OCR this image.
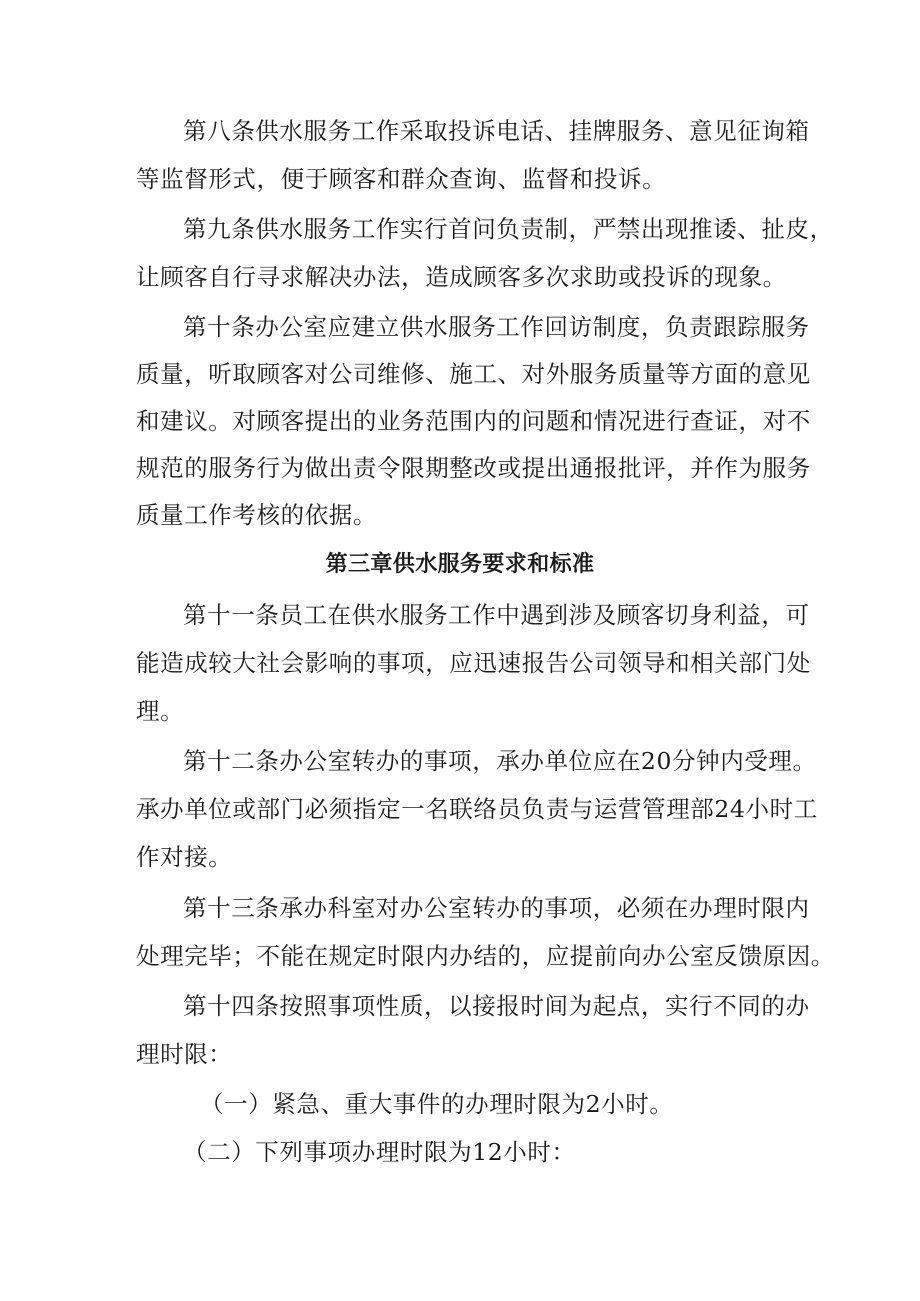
第八条供水服务工作采取投诉电话、挂牌服务、意见征询箱
等监督形式，便于顾客和群众查询、监督和投诉。
第九条供水服务工作实行首问负责制，严禁出现推诿、扯皮，
让顾客自行寻求解决办法，造成顾客多次求助或投诉的现象。
第十条办公室应建立供水服务工作回访制度，负责跟踪服务
质量，听取顾客对公司维修、施工、对外服务质量等方面的意见
和建议。对顾客提出的业务范围内的问题和情况进行查证，对不
规范的服务行为做出责令限期整改或提出通报批评，并作为服务
质量工作考核的依据。
第三章供水服务要求和标准
第十一条员工在供水服务工作中遇到涉及顾客切身利益，可
能造成较大社会影响的事项，应迅速报告公司领导和相关部门处
理。
第十二条办公室转办的事项，承办单位应在20分钟内受理。
承办单位或部门必须指定一名联络员负责与运营管理部24小时工
作对接。
第十三条承办科室对办公室转办的事项，必须在办理时限内
处理完毕；不能在规定时限内办结的，应提前向办公室反馈原因。
第十四条按照事项性质，以接报时间为起点，实行不同的办
理时限：
（一）紧急、重大事件的办理时限为2小时。
（二）下列事项办理时限为12小时：
